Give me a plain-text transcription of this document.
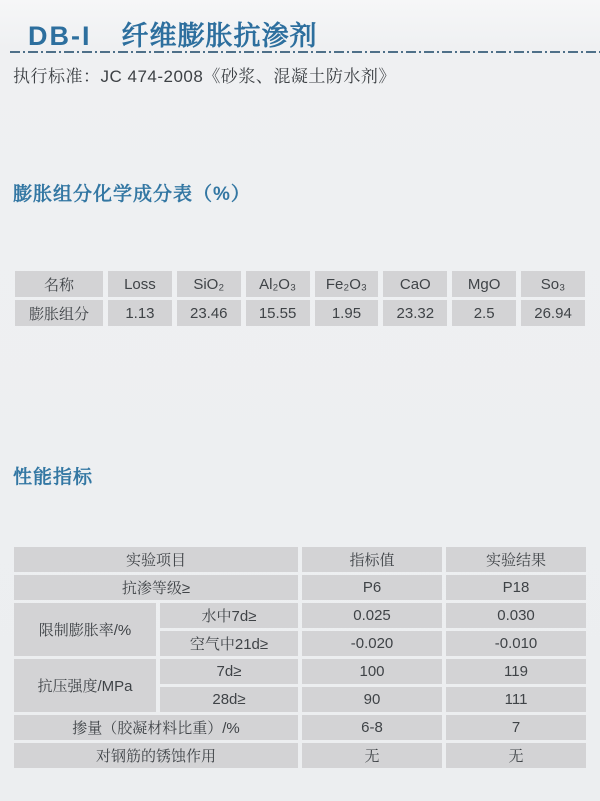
DB-I 纤维膨胀抗渗剂
执行标准：JC 474-2008《砂浆、混凝土防水剂》
膨胀组分化学成分表（%）
名称	Loss	SiO₂	Al₂O₃	Fe₂O₃	CaO	MgO	So₃
膨胀组分	1.13	23.46	15.55	1.95	23.32	2.5	26.94
性能指标
实验项目		指标值	实验结果
抗渗等级≥		P6	P18
限制膨胀率/%	水中7d≥	0.025	0.030
	空气中21d≥	-0.020	-0.010
抗压强度/MPa	7d≥	100	119
	28d≥	90	111
掺量（胶凝材料比重）/%		6-8	7
对钢筋的锈蚀作用		无	无
